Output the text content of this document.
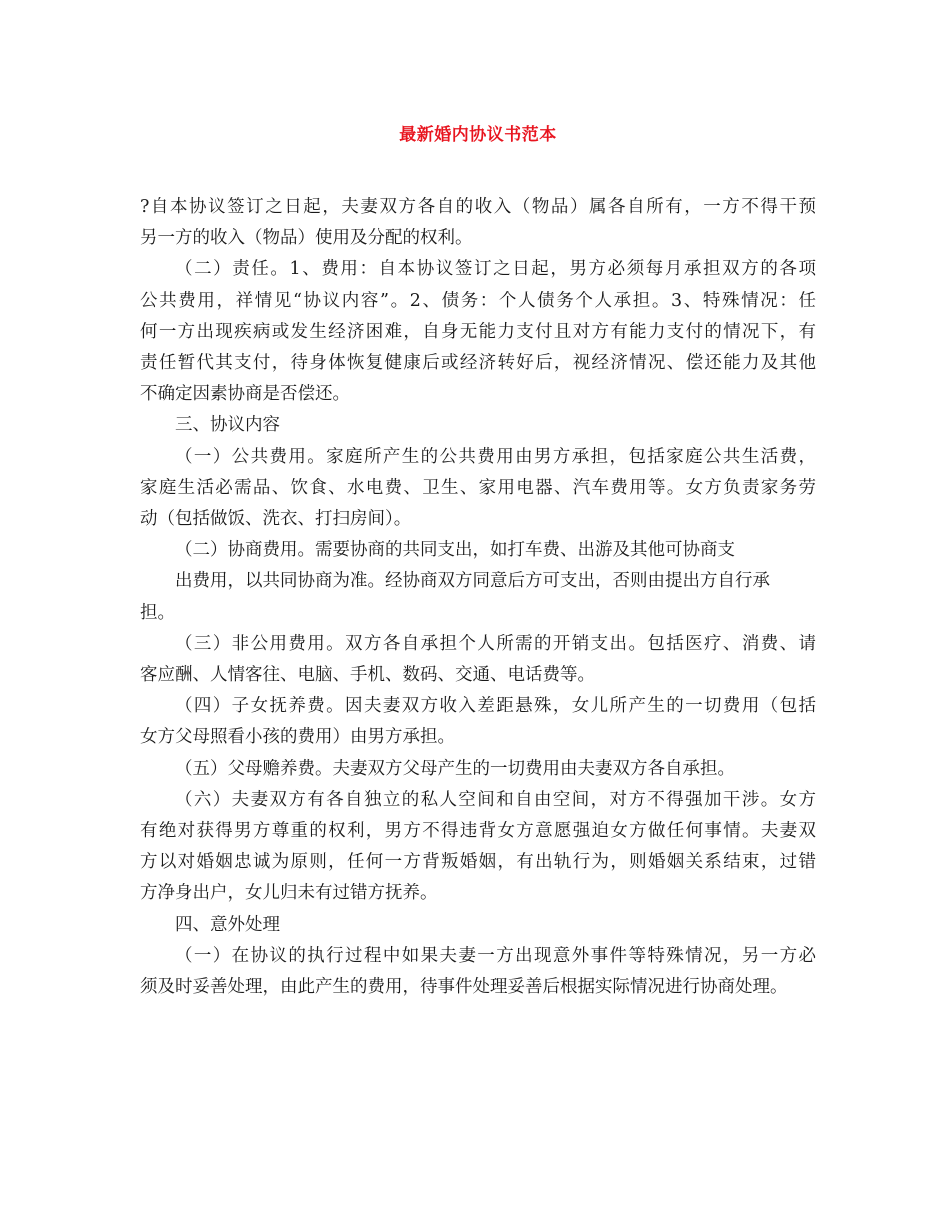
最新婚内协议书范本
?自本协议签订之日起，夫妻双方各自的收入（物品）属各自所有，一方不得干预
另一方的收入（物品）使用及分配的权利。
（二）责任。1、费用：自本协议签订之日起，男方必须每月承担双方的各项
公共费用，祥情见“协议内容”。2、债务：个人债务个人承担。3、特殊情况：任
何一方出现疾病或发生经济困难，自身无能力支付且对方有能力支付的情况下，有
责任暂代其支付，待身体恢复健康后或经济转好后，视经济情况、偿还能力及其他
不确定因素协商是否偿还。
三、协议内容
（一）公共费用。家庭所产生的公共费用由男方承担，包括家庭公共生活费，
家庭生活必需品、饮食、水电费、卫生、家用电器、汽车费用等。女方负责家务劳
动（包括做饭、洗衣、打扫房间）。
（二）协商费用。需要协商的共同支出，如打车费、出游及其他可协商支
出费用，以共同协商为准。经协商双方同意后方可支出，否则由提出方自行承
担。
（三）非公用费用。双方各自承担个人所需的开销支出。包括医疗、消费、请
客应酬、人情客往、电脑、手机、数码、交通、电话费等。
（四）子女抚养费。因夫妻双方收入差距悬殊，女儿所产生的一切费用（包括
女方父母照看小孩的费用）由男方承担。
（五）父母赡养费。夫妻双方父母产生的一切费用由夫妻双方各自承担。
（六）夫妻双方有各自独立的私人空间和自由空间，对方不得强加干涉。女方
有绝对获得男方尊重的权利，男方不得违背女方意愿强迫女方做任何事情。夫妻双
方以对婚姻忠诚为原则，任何一方背叛婚姻，有出轨行为，则婚姻关系结束，过错
方净身出户，女儿归未有过错方抚养。
四、意外处理
（一）在协议的执行过程中如果夫妻一方出现意外事件等特殊情况，另一方必
须及时妥善处理，由此产生的费用，待事件处理妥善后根据实际情况进行协商处理。
